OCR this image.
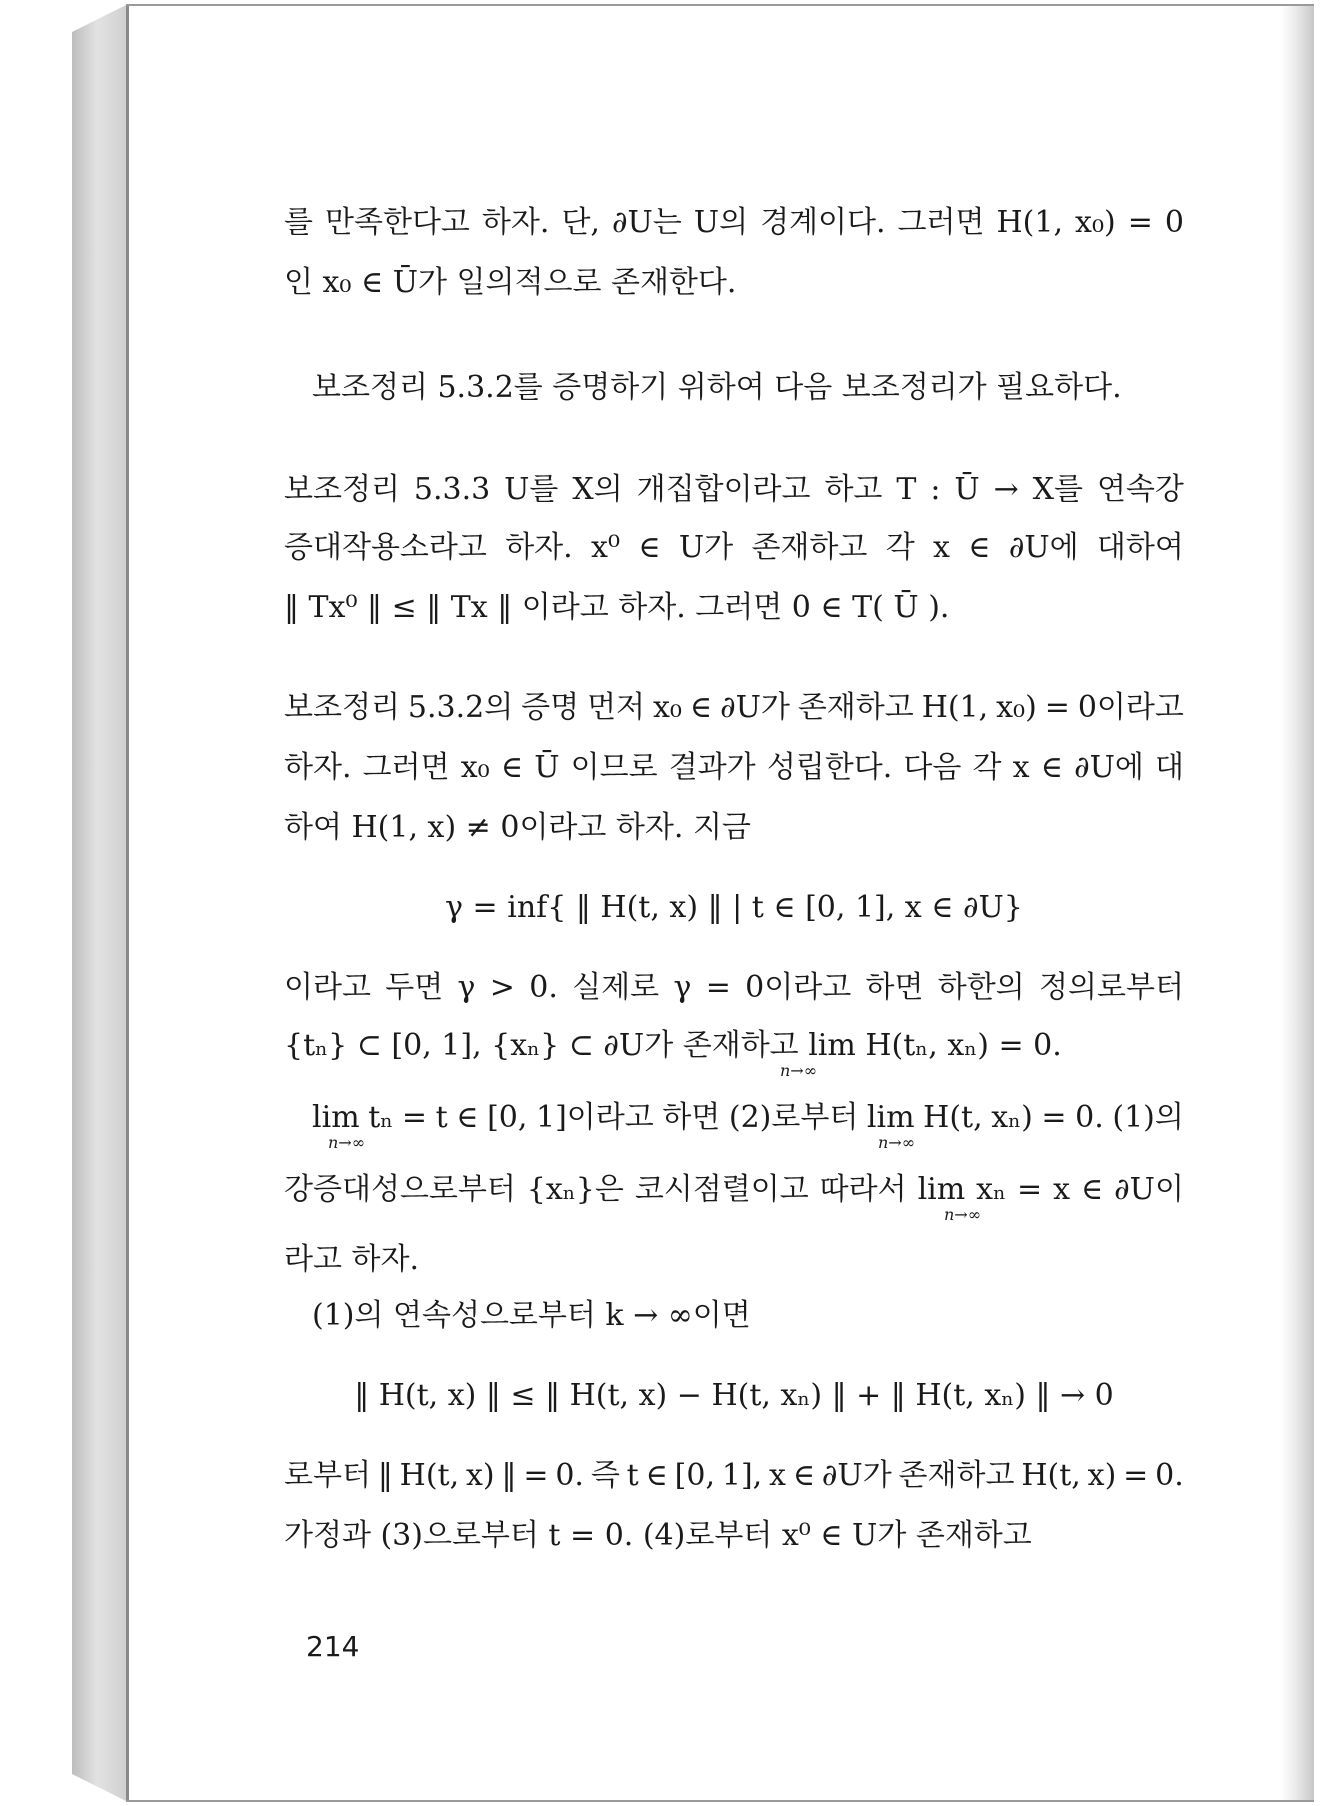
를 만족한다고 하자. 단, ∂U는 U의 경계이다. 그러면 H(1, x₀) = 0
인 x₀ ∈ Ū가 일의적으로 존재한다.
보조정리 5.3.2를 증명하기 위하여 다음 보조정리가 필요하다.
보조정리 5.3.3 U를 X의 개집합이라고 하고 T : Ū → X를 연속강
증대작용소라고 하자. x⁰ ∈ U가 존재하고 각 x ∈ ∂U에 대하여
‖ Tx⁰ ‖ ≤ ‖ Tx ‖ 이라고 하자. 그러면 0 ∈ T( Ū ).
보조정리 5.3.2의 증명 먼저 x₀ ∈ ∂U가 존재하고 H(1, x₀) = 0이라고
하자. 그러면 x₀ ∈ Ū 이므로 결과가 성립한다. 다음 각 x ∈ ∂U에 대
하여 H(1, x) ≠ 0이라고 하자. 지금
γ = inf{ ‖ H(t, x) ‖ | t ∈ [0, 1], x ∈ ∂U}
이라고 두면 γ > 0. 실제로 γ = 0이라고 하면 하한의 정의로부터
{tₙ} ⊂ [0, 1], {xₙ} ⊂ ∂U가 존재하고 lim H(tₙ, xₙ) = 0.
n→∞
lim tₙ = t ∈ [0, 1]이라고 하면 (2)로부터 lim H(t, xₙ) = 0. (1)의
n→∞	n→∞
강증대성으로부터 {xₙ}은 코시점렬이고 따라서 lim xₙ = x ∈ ∂U이
n→∞
라고 하자.
(1)의 연속성으로부터 k → ∞이면
‖ H(t, x) ‖ ≤ ‖ H(t, x) − H(t, xₙ) ‖ + ‖ H(t, xₙ) ‖ → 0
로부터 ‖ H(t, x) ‖ = 0. 즉 t ∈ [0, 1], x ∈ ∂U가 존재하고 H(t, x) = 0.
가정과 (3)으로부터 t = 0. (4)로부터 x⁰ ∈ U가 존재하고
214
